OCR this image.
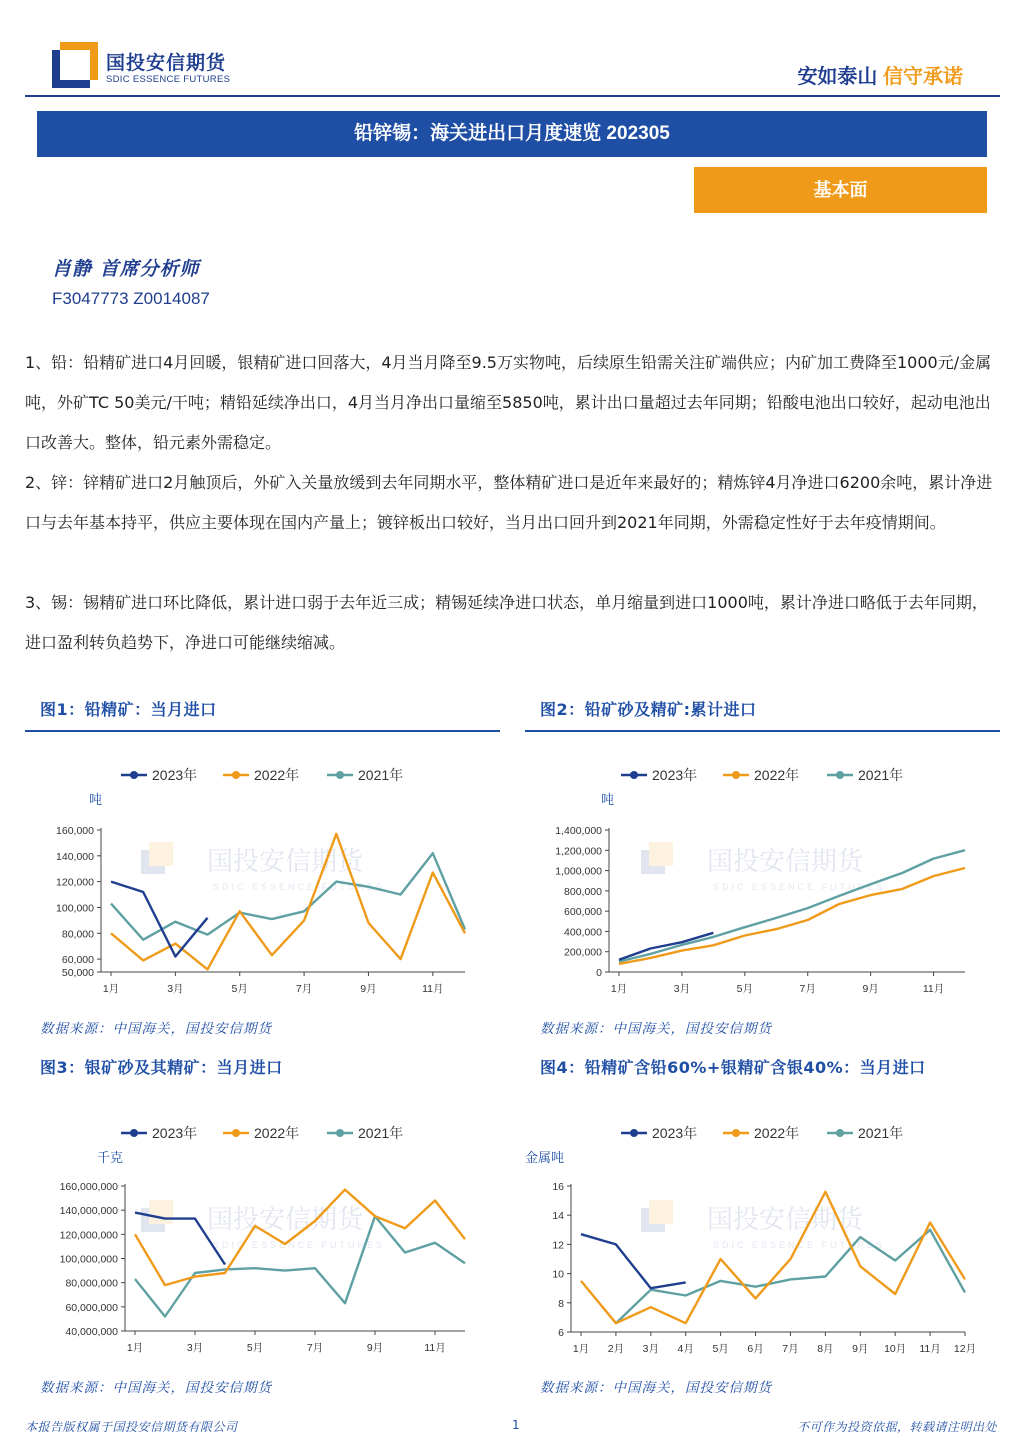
国投安信期货
SDIC ESSENCE FUTURES	安如泰山 信守承诺
铅锌锡：海关进出口月度速览 202305
基本面
肖静 首席分析师
F3047773 Z0014087
1、铅：铅精矿进口4月回暖，银精矿进口回落大，4月当月降至9.5万实物吨，后续原生铅需关注矿端供应；内矿加工费降至1000元/金属吨，外矿TC 50美元/干吨；精铅延续净出口，4月当月净出口量缩至5850吨，累计出口量超过去年同期；铅酸电池出口较好，起动电池出口改善大。整体，铅元素外需稳定。
2、锌：锌精矿进口2月触顶后，外矿入关量放缓到去年同期水平，整体精矿进口是近年来最好的；精炼锌4月净进口6200余吨，累计净进口与去年基本持平，供应主要体现在国内产量上；镀锌板出口较好，当月出口回升到2021年同期，外需稳定性好于去年疫情期间。
3、锡：锡精矿进口环比降低，累计进口弱于去年近三成；精锡延续净进口状态，单月缩量到进口1000吨，累计净进口略低于去年同期，进口盈利转负趋势下，净进口可能继续缩减。
图1：铅精矿：当月进口	图2：铅矿砂及精矿:累计进口
国投安信期货
SDIC ESSENCE FUTURES
2023年	2022年	2021年
吨
50,000
60,000
80,000
100,000
120,000
140,000
160,000
1月	3月	5月	7月	9月	11月
国投安信期货
SDIC ESSENCE FUTURES
2023年	2022年	2021年
吨
0
200,000
400,000
600,000
800,000
1,000,000
1,200,000
1,400,000
1月	3月	5月	7月	9月	11月
数据来源：中国海关，国投安信期货	数据来源：中国海关，国投安信期货
图3：银矿砂及其精矿：当月进口	图4：铅精矿含铅60%+银精矿含银40%：当月进口
国投安信期货
SDIC ESSENCE FUTURES
2023年	2022年	2021年
千克
40,000,000
60,000,000
80,000,000
100,000,000
120,000,000
140,000,000
160,000,000
1月	3月	5月	7月	9月	11月
国投安信期货
SDIC ESSENCE FUTURES
2023年	2022年	2021年
金属吨
6
8
10
12
14
16
1月 2月 3月 4月 5月 6月 7月 8月 9月 10月 11月 12月
数据来源：中国海关，国投安信期货	数据来源：中国海关，国投安信期货
本报告版权属于国投安信期货有限公司	1	不可作为投资依据，转载请注明出处
